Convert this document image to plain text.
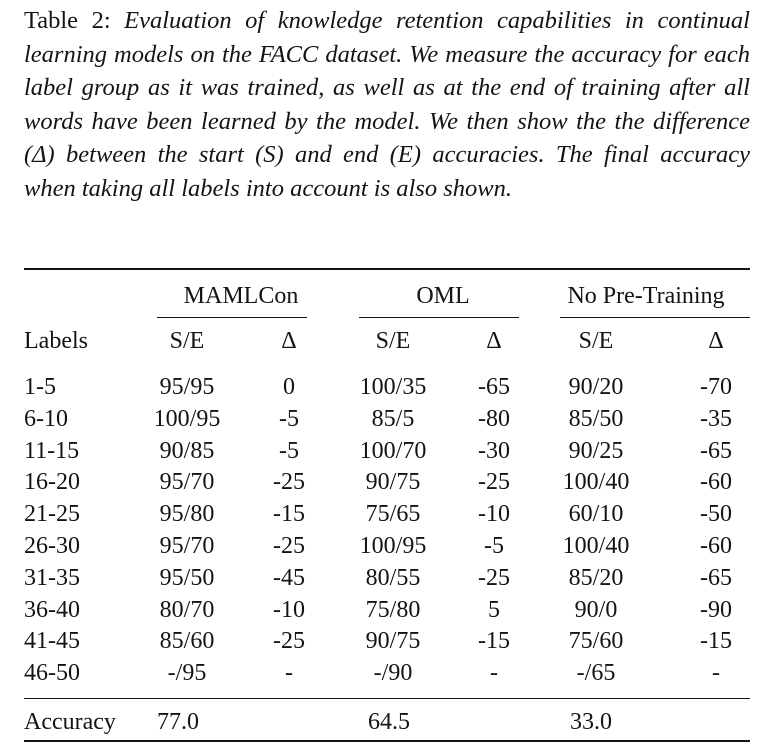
Table 2: Evaluation of knowledge retention capabilities in continual learning models on the FACC dataset. We measure the accuracy for each label group as it was trained, as well as at the end of training after all words have been learned by the model. We then show the the difference (Δ) between the start (S) and end (E) accuracies. The final accuracy when taking all labels into account is also shown.
MAMLCon	OML	No Pre-Training
Labels	S/E	Δ	S/E	Δ	S/E	Δ
1-5	95/95	0	100/35 -65 90/20	-70
6-10	100/95 -5	85/5	-80 85/50	-35
11-15	90/85	-5	100/70 -30 90/25	-65
16-20	95/70 -25	90/75 -25 100/40	-60
21-25	95/80 -15	75/65 -10 60/10	-50
26-30	95/70 -25 100/95 -5 100/40	-60
31-35	95/50 -45	80/55 -25 85/20	-65
36-40	80/70 -10	75/80	5	90/0	-90
41-45	85/60 -25	90/75 -15 75/60	-15
46-50	-/95	-	-/90	-	-/65	-
Accuracy 77.0	64.5	33.0
